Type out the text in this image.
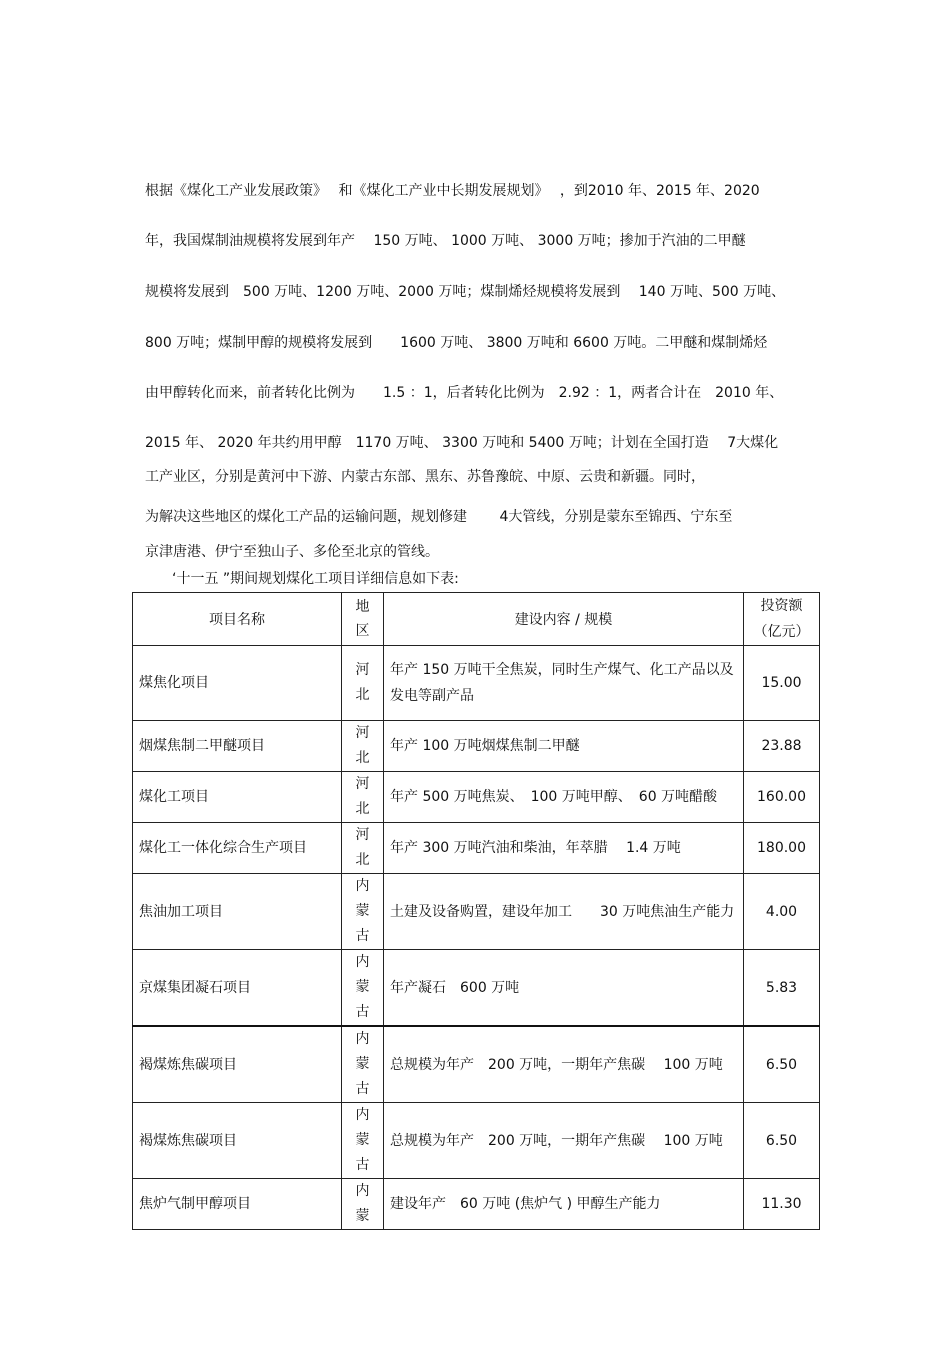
根据《煤化工产业发展政策》　 和《煤化工产业中长期发展规划》　 ，到2010 年、2015 年、2020
年，我国煤制油规模将发展到年产　 150 万吨、 1000 万吨、 3000 万吨；掺加于汽油的二甲醚
规模将发展到　500 万吨、1200 万吨、2000 万吨；煤制烯烃规模将发展到　 140 万吨、500 万吨、
800 万吨；煤制甲醇的规模将发展到　　1600 万吨、 3800 万吨和 6600 万吨。二甲醚和煤制烯烃
由甲醇转化而来，前者转化比例为　　1.5 ：1，后者转化比例为　2.92 ：1，两者合计在　2010 年、
2015 年、 2020 年共约用甲醇　1170 万吨、 3300 万吨和 5400 万吨；计划在全国打造　 7大煤化
工产业区，分别是黄河中下游、内蒙古东部、黑东、苏鲁豫皖、中原、云贵和新疆。同时，
为解决这些地区的煤化工产品的运输问题，规划修建　　 4大管线，分别是蒙东至锦西、宁东至
京津唐港、伊宁至独山子、多伦至北京的管线。
‘十一五 ”期间规划煤化工项目详细信息如下表:
项目名称	地区	建设内容 / 规模	投资额（亿元）
煤焦化项目	河北	年产 150 万吨干全焦炭，同时生产煤气、化工产品以及发电等副产品	15.00
烟煤焦制二甲醚项目	河北	年产 100 万吨烟煤焦制二甲醚	23.88
煤化工项目	河北	年产 500 万吨焦炭、　100 万吨甲醇、　60 万吨醋酸	160.00
煤化工一体化综合生产项目	河北	年产 300 万吨汽油和柴油，年萃腊　 1.4 万吨	180.00
焦油加工项目	内蒙古	土建及设备购置，建设年加工　　30 万吨焦油生产能力	4.00
京煤集团凝石项目	内蒙古	年产凝石　600 万吨	5.83
褐煤炼焦碳项目	内蒙古	总规模为年产　200 万吨，一期年产焦碳　 100 万吨	6.50
褐煤炼焦碳项目	内蒙古	总规模为年产　200 万吨，一期年产焦碳　 100 万吨	6.50
焦炉气制甲醇项目	内蒙	建设年产　60 万吨 (焦炉气 ) 甲醇生产能力	11.30
